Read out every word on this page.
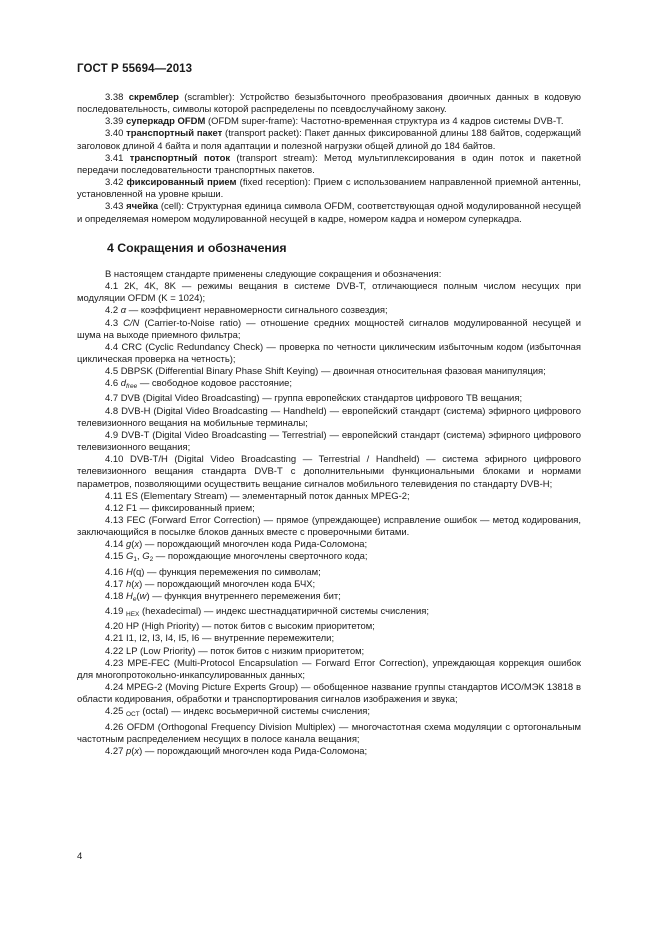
ГОСТ Р 55694—2013

3.38 скремблер (scrambler): Устройство безызбыточного преобразования двоичных данных в кодовую последовательность, символы которой распределены по псевдослучайному закону.

3.39 суперкадр OFDM (OFDM super-frame): Частотно-временная структура из 4 кадров системы DVB-T.

3.40 транспортный пакет (transport packet): Пакет данных фиксированной длины 188 байтов, содержащий заголовок длиной 4 байта и поля адаптации и полезной нагрузки общей длиной до 184 байтов.

3.41 транспортный поток (transport stream): Метод мультиплексирования в один поток и пакетной передачи последовательности транспортных пакетов.

3.42 фиксированный прием (fixed reception): Прием с использованием направленной приемной антенны, установленной на уровне крыши.

3.43 ячейка (cell): Структурная единица символа OFDM, соответствующая одной модулированной несущей и определяемая номером модулированной несущей в кадре, номером кадра и номером суперкадра.

4 Сокращения и обозначения

В настоящем стандарте применены следующие сокращения и обозначения:

4.1 2K, 4K, 8K — режимы вещания в системе DVB-T, отличающиеся полным числом несущих при модуляции OFDM (K = 1024);

4.2 α — коэффициент неравномерности сигнального созвездия;

4.3 C/N (Carrier-to-Noise ratio) — отношение средних мощностей сигналов модулированной несущей и шума на выходе приемного фильтра;

4.4 CRC (Cyclic Redundancy Check) — проверка по четности циклическим избыточным кодом (избыточная циклическая проверка на четность);

4.5 DBPSK (Differential Binary Phase Shift Keying) — двоичная относительная фазовая манипуляция;

4.6 $d_{free}$ — свободное кодовое расстояние;

4.7 DVB (Digital Video Broadcasting) — группа европейских стандартов цифрового ТВ вещания;

4.8 DVB-H (Digital Video Broadcasting — Handheld) — европейский стандарт (система) эфирного цифрового телевизионного вещания на мобильные терминалы;

4.9 DVB-T (Digital Video Broadcasting — Terrestrial) — европейский стандарт (система) эфирного цифрового телевизионного вещания;

4.10 DVB-T/H (Digital Video Broadcasting — Terrestrial / Handheld) — система эфирного цифрового телевизионного вещания стандарта DVB-T с дополнительными функциональными блоками и нормами параметров, позволяющими осуществить вещание сигналов мобильного телевидения по стандарту DVB-H;

4.11 ES (Elementary Stream) — элементарный поток данных MPEG-2;

4.12 F1 — фиксированный прием;

4.13 FEC (Forward Error Correction) — прямое (упреждающее) исправление ошибок — метод кодирования, заключающийся в посылке блоков данных вместе с проверочными битами.

4.14 g(x) — порождающий многочлен кода Рида-Соломона;

4.15 $G_1$, $G_2$ — порождающие многочлены сверточного кода;

4.16 H(q) — функция перемежения по символам;

4.17 h(x) — порождающий многочлен кода БЧХ;

4.18 $H_e(w)$ — функция внутреннего перемежения бит;

4.19 $_{HEX}$ (hexadecimal) — индекс шестнадцатиричной системы счисления;

4.20 HP (High Priority) — поток битов с высоким приоритетом;

4.21 I1, I2, I3, I4, I5, I6 — внутренние перемежители;

4.22 LP (Low Priority) — поток битов с низким приоритетом;

4.23 MPE-FEC (Multi-Protocol Encapsulation — Forward Error Correction), упреждающая коррекция ошибок для многопротокольно-инкапсулированных данных;

4.24 MPEG-2 (Moving Picture Experts Group) — обобщенное название группы стандартов ИСО/МЭК 13818 в области кодирования, обработки и транспортирования сигналов изображения и звука;

4.25 $_{OCT}$ (octal) — индекс восьмеричной системы счисления;

4.26 OFDM (Orthogonal Frequency Division Multiplex) — многочастотная схема модуляции с ортогональным частотным распределением несущих в полосе канала вещания;

4.27 p(x) — порождающий многочлен кода Рида-Соломона;

4
